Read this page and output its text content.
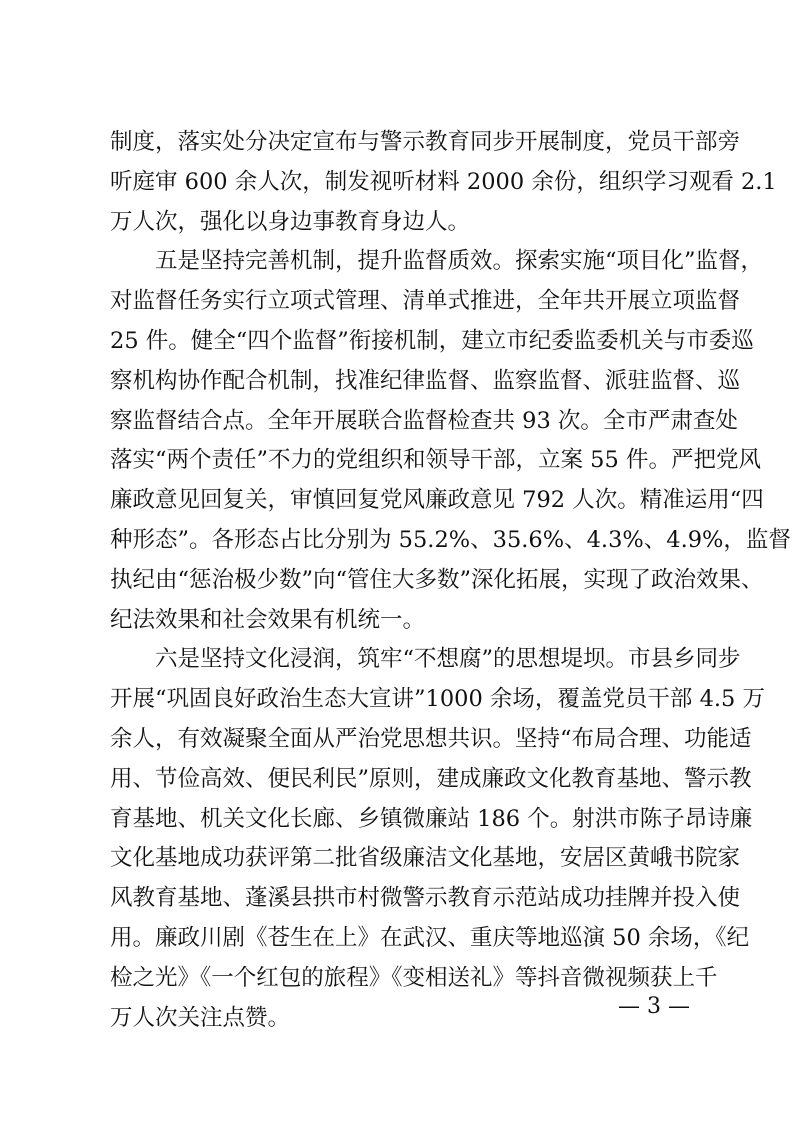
制度，落实处分决定宣布与警示教育同步开展制度，党员干部旁
听庭审 600 余人次，制发视听材料 2000 余份，组织学习观看 2.1
万人次，强化以身边事教育身边人。
五是坚持完善机制，提升监督质效。探索实施“项目化”监督，
对监督任务实行立项式管理、清单式推进，全年共开展立项监督
25 件。健全“四个监督”衔接机制，建立市纪委监委机关与市委巡
察机构协作配合机制，找准纪律监督、监察监督、派驻监督、巡
察监督结合点。全年开展联合监督检查共 93 次。全市严肃查处
落实“两个责任”不力的党组织和领导干部，立案 55 件。严把党风
廉政意见回复关，审慎回复党风廉政意见 792 人次。精准运用“四
种形态”。各形态占比分别为 55.2%、35.6%、4.3%、4.9%，监督
执纪由“惩治极少数”向“管住大多数”深化拓展，实现了政治效果、
纪法效果和社会效果有机统一。
六是坚持文化浸润，筑牢“不想腐”的思想堤坝。市县乡同步
开展“巩固良好政治生态大宣讲”1000 余场，覆盖党员干部 4.5 万
余人，有效凝聚全面从严治党思想共识。坚持“布局合理、功能适
用、节俭高效、便民利民”原则，建成廉政文化教育基地、警示教
育基地、机关文化长廊、乡镇微廉站 186 个。射洪市陈子昂诗廉
文化基地成功获评第二批省级廉洁文化基地，安居区黄峨书院家
风教育基地、蓬溪县拱市村微警示教育示范站成功挂牌并投入使
用。廉政川剧《苍生在上》在武汉、重庆等地巡演 50 余场，《纪
检之光》《一个红包的旅程》《变相送礼》等抖音微视频获上千
万人次关注点赞。	— 3 —
